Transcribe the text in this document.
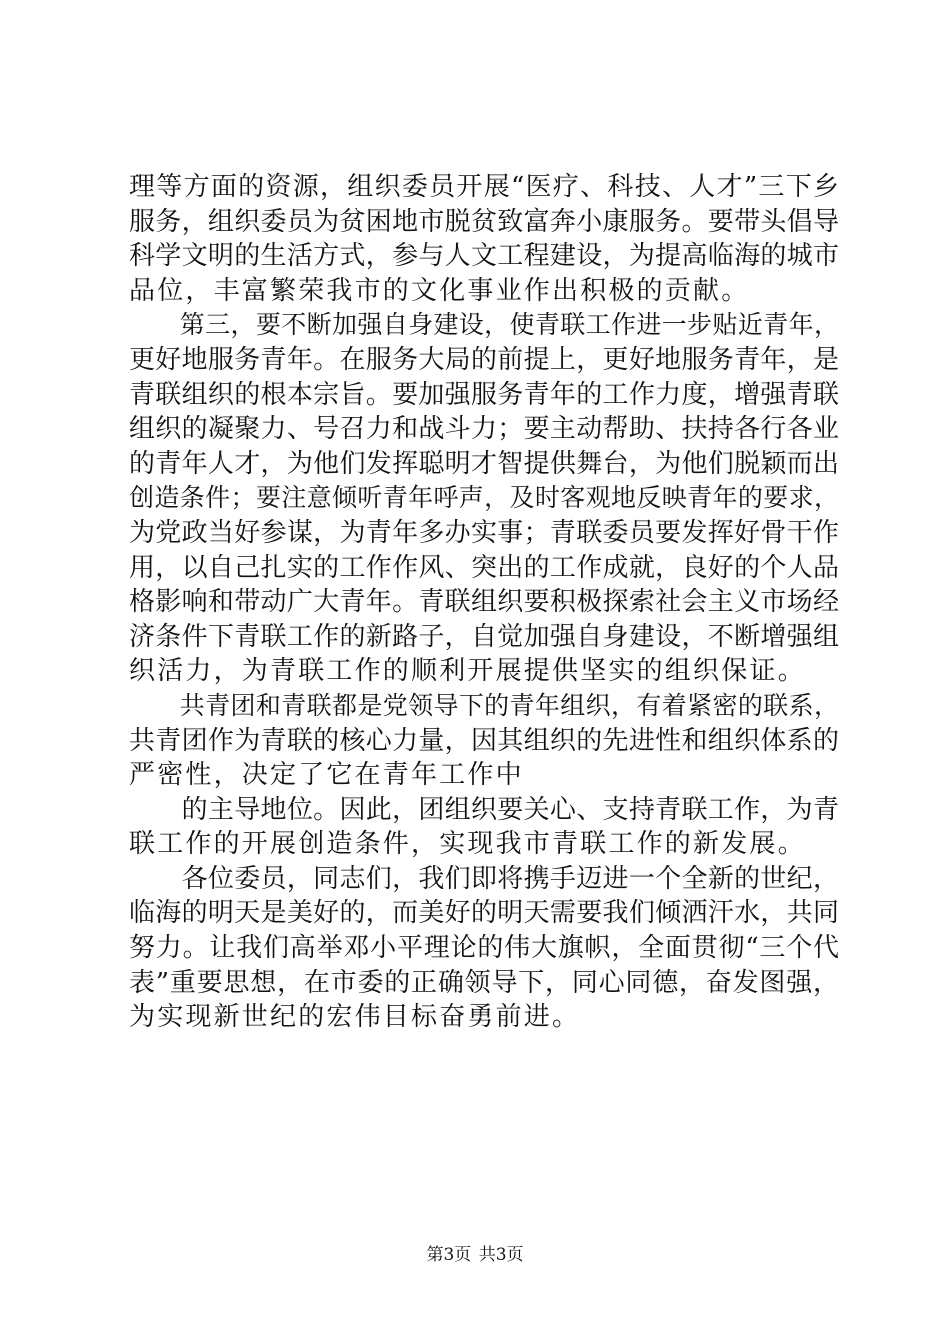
理等方面的资源，组织委员开展“医疗、科技、人才”三下乡
服务，组织委员为贫困地市脱贫致富奔小康服务。要带头倡导
科学文明的生活方式，参与人文工程建设，为提高临海的城市
品位，丰富繁荣我市的文化事业作出积极的贡献。
　　第三，要不断加强自身建设，使青联工作进一步贴近青年，
更好地服务青年。在服务大局的前提上，更好地服务青年，是
青联组织的根本宗旨。要加强服务青年的工作力度，增强青联
组织的凝聚力、号召力和战斗力；要主动帮助、扶持各行各业
的青年人才，为他们发挥聪明才智提供舞台，为他们脱颖而出
创造条件；要注意倾听青年呼声，及时客观地反映青年的要求，
为党政当好参谋，为青年多办实事；青联委员要发挥好骨干作
用，以自己扎实的工作作风、突出的工作成就，良好的个人品
格影响和带动广大青年。青联组织要积极探索社会主义市场经
济条件下青联工作的新路子，自觉加强自身建设，不断增强组
织活力，为青联工作的顺利开展提供坚实的组织保证。
　　共青团和青联都是党领导下的青年组织，有着紧密的联系，
共青团作为青联的核心力量，因其组织的先进性和组织体系的
严密性，决定了它在青年工作中
　　的主导地位。因此，团组织要关心、支持青联工作，为青
联工作的开展创造条件，实现我市青联工作的新发展。
　　各位委员，同志们，我们即将携手迈进一个全新的世纪，
临海的明天是美好的，而美好的明天需要我们倾洒汗水，共同
努力。让我们高举邓小平理论的伟大旗帜，全面贯彻“三个代
表”重要思想，在市委的正确领导下，同心同德，奋发图强，
为实现新世纪的宏伟目标奋勇前进。
第3页 共3页
